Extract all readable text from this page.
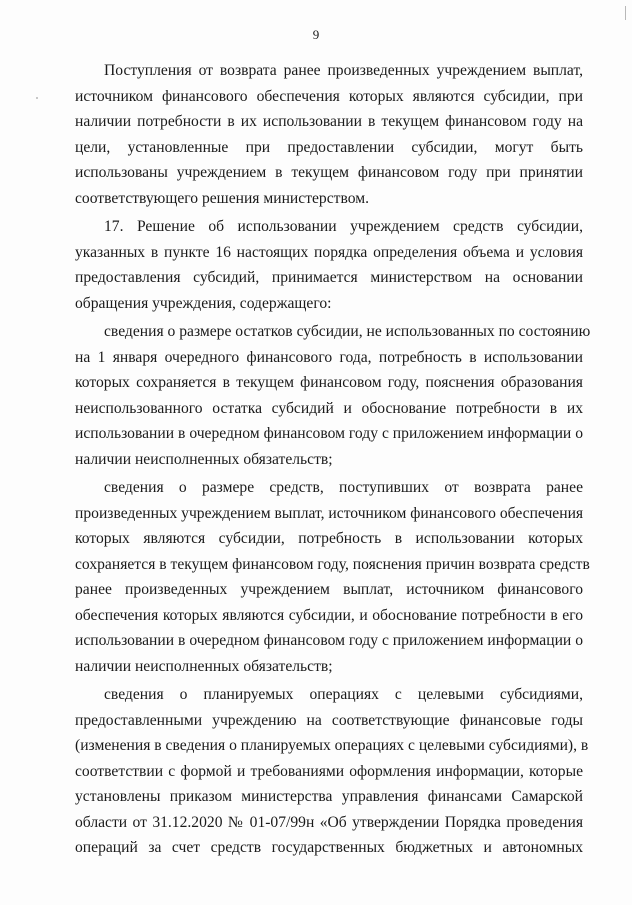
9

Поступления от возврата ранее произведенных учреждением выплат,
источником финансового обеспечения которых являются субсидии, при
наличии потребности в их использовании в текущем финансовом году на
цели, установленные при предоставлении субсидии, могут быть
использованы учреждением в текущем финансовом году при принятии
соответствующего решения министерством.

17. Решение об использовании учреждением средств субсидии,
указанных в пункте 16 настоящих порядка определения объема и условия
предоставления субсидий, принимается министерством на основании
обращения учреждения, содержащего:

сведения о размере остатков субсидии, не использованных по состоянию
на 1 января очередного финансового года, потребность в использовании
которых сохраняется в текущем финансовом году, пояснения образования
неиспользованного остатка субсидий и обоснование потребности в их
использовании в очередном финансовом году с приложением информации о
наличии неисполненных обязательств;

сведения о размере средств, поступивших от возврата ранее
произведенных учреждением выплат, источником финансового обеспечения
которых являются субсидии, потребность в использовании которых
сохраняется в текущем финансовом году, пояснения причин возврата средств
ранее произведенных учреждением выплат, источником финансового
обеспечения которых являются субсидии, и обоснование потребности в его
использовании в очередном финансовом году с приложением информации о
наличии неисполненных обязательств;

сведения о планируемых операциях с целевыми субсидиями,
предоставленными учреждению на соответствующие финансовые годы
(изменения в сведения о планируемых операциях с целевыми субсидиями), в
соответствии с формой и требованиями оформления информации, которые
установлены приказом министерства управления финансами Самарской
области от 31.12.2020 № 01-07/99н «Об утверждении Порядка проведения
операций за счет средств государственных бюджетных и автономных
